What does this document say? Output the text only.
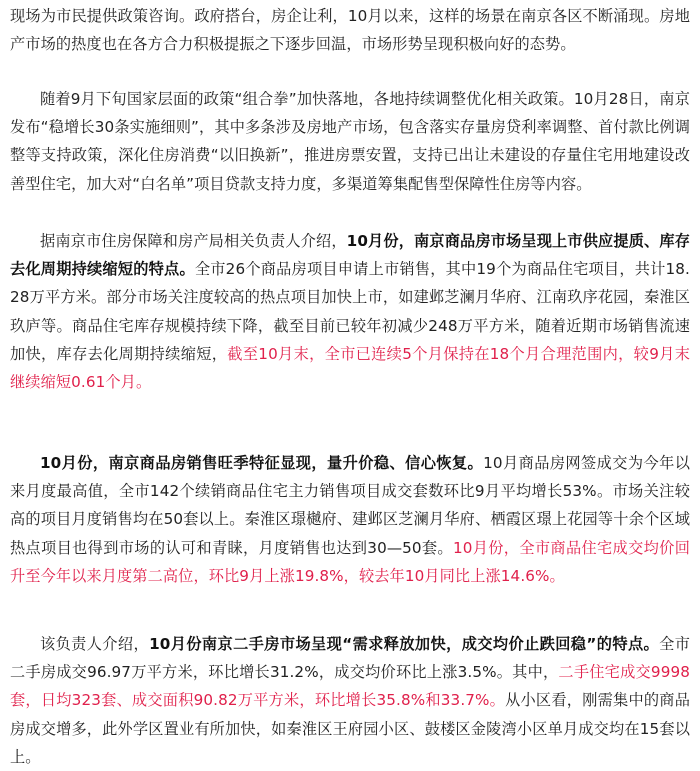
现场为市民提供政策咨询。政府搭台，房企让利，10月以来，这样的场景在南京各区不断涌现。房地产市场的热度也在各方合力积极提振之下逐步回温，市场形势呈现积极向好的态势。

随着9月下旬国家层面的政策“组合拳”加快落地，各地持续调整优化相关政策。10月28日，南京发布“稳增长30条实施细则”，其中多条涉及房地产市场，包含落实存量房贷利率调整、首付款比例调整等支持政策，深化住房消费“以旧换新”，推进房票安置，支持已出让未建设的存量住宅用地建设改善型住宅，加大对“白名单”项目贷款支持力度，多渠道筹集配售型保障性住房等内容。

据南京市住房保障和房产局相关负责人介绍，10月份，南京商品房市场呈现上市供应提质、库存去化周期持续缩短的特点。全市26个商品房项目申请上市销售，其中19个为商品住宅项目，共计18.28万平方米。部分市场关注度较高的热点项目加快上市，如建邺芝澜月华府、江南玖序花园，秦淮区玖庐等。商品住宅库存规模持续下降，截至目前已较年初减少248万平方米，随着近期市场销售流速加快，库存去化周期持续缩短，截至10月末，全市已连续5个月保持在18个月合理范围内，较9月末继续缩短0.61个月。

10月份，南京商品房销售旺季特征显现，量升价稳、信心恢复。10月商品房网签成交为今年以来月度最高值，全市142个续销商品住宅主力销售项目成交套数环比9月平均增长53%。市场关注较高的项目月度销售均在50套以上。秦淮区璟樾府、建邺区芝澜月华府、栖霞区璟上花园等十余个区域热点项目也得到市场的认可和青睐，月度销售也达到30—50套。10月份，全市商品住宅成交均价回升至今年以来月度第二高位，环比9月上涨19.8%，较去年10月同比上涨14.6%。

该负责人介绍，10月份南京二手房市场呈现“需求释放加快，成交均价止跌回稳”的特点。全市二手房成交96.97万平方米，环比增长31.2%，成交均价环比上涨3.5%。其中，二手住宅成交9998套，日均323套、成交面积90.82万平方米，环比增长35.8%和33.7%。从小区看，刚需集中的商品房成交增多，此外学区置业有所加快，如秦淮区王府园小区、鼓楼区金陵湾小区单月成交均在15套以上。
